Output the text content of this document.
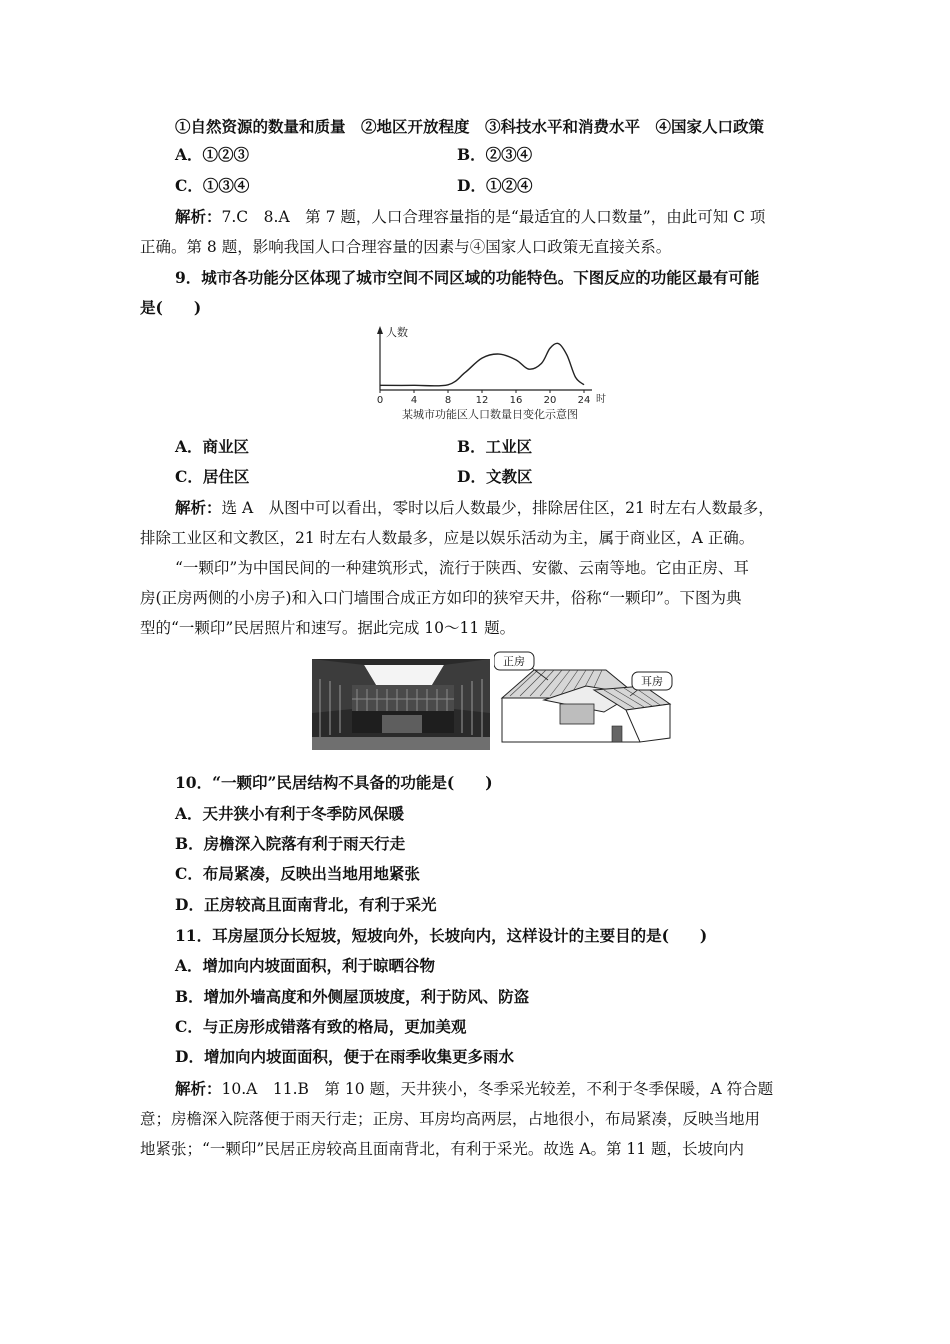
①自然资源的数量和质量　②地区开放程度　③科技水平和消费水平　④国家人口政策
A．①②③	B．②③④
C．①③④	D．①②④
解析：7.C　8.A　第 7 题，人口合理容量指的是“最适宜的人口数量”，由此可知 C 项
正确。第 8 题，影响我国人口合理容量的因素与④国家人口政策无直接关系。
9．城市各功能分区体现了城市空间不同区域的功能特色。下图反应的功能区最有可能
是(　　)
人数
时
0	4	8 12 16 20 24
某城市功能区人口数量日变化示意图
A．商业区	B．工业区
C．居住区	D．文教区
解析：选 A　从图中可以看出，零时以后人数最少，排除居住区，21 时左右人数最多，
排除工业区和文教区，21 时左右人数最多，应是以娱乐活动为主，属于商业区，A 正确。
“一颗印”为中国民间的一种建筑形式，流行于陕西、安徽、云南等地。它由正房、耳
房(正房两侧的小房子)和入口门墙围合成正方如印的狭窄天井，俗称“一颗印”。下图为典
型的“一颗印”民居照片和速写。据此完成 10～11 题。
正房
耳房
10．“一颗印”民居结构不具备的功能是(　　)
A．天井狭小有利于冬季防风保暖
B．房檐深入院落有利于雨天行走
C．布局紧凑，反映出当地用地紧张
D．正房较高且面南背北，有利于采光
11．耳房屋顶分长短坡，短坡向外，长坡向内，这样设计的主要目的是(　　)
A．增加向内坡面面积，利于晾晒谷物
B．增加外墙高度和外侧屋顶坡度，利于防风、防盗
C．与正房形成错落有致的格局，更加美观
D．增加向内坡面面积，便于在雨季收集更多雨水
解析：10.A　11.B　第 10 题，天井狭小，冬季采光较差，不利于冬季保暖，A 符合题
意；房檐深入院落便于雨天行走；正房、耳房均高两层，占地很小，布局紧凑，反映当地用
地紧张；“一颗印”民居正房较高且面南背北，有利于采光。故选 A。第 11 题，长坡向内
